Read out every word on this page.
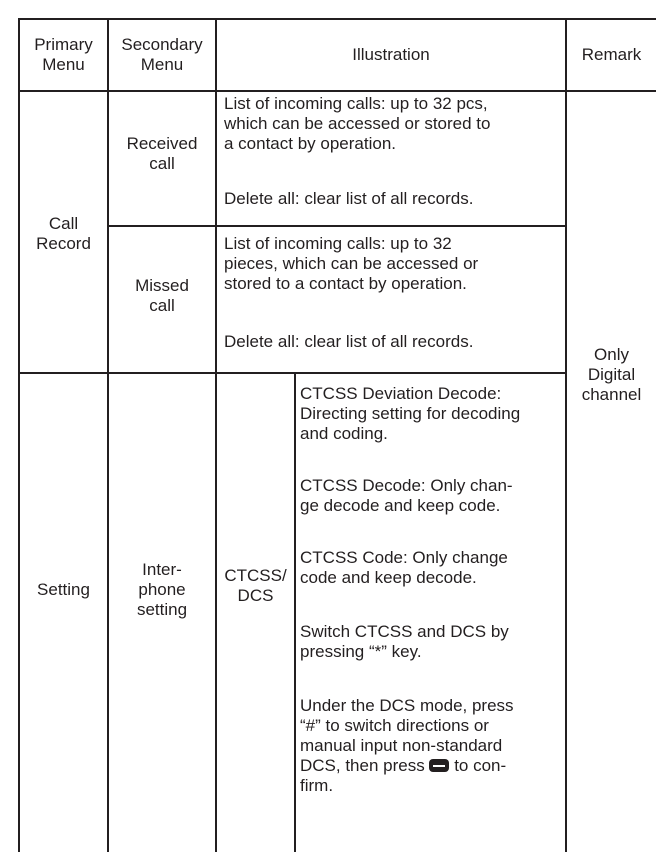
Primary
Menu
Secondary
Menu
Illustration	Remark
Call
Record
Received
call
List of incoming calls: up to 32 pcs,
which can be accessed or stored to
a contact by operation.
Delete all: clear list of all records.
Missed
call
List of incoming calls: up to 32
pieces, which can be accessed or
stored to a contact by operation.
Delete all: clear list of all records.
Only
Digital
channel
Setting
Inter-
phone
setting
CTCSS/
DCS
CTCSS Deviation Decode:
Directing setting for decoding
and coding.
CTCSS Decode: Only chan-
ge decode and keep code.
CTCSS Code: Only change
code and keep decode.
Switch CTCSS and DCS by
pressing “*” key.
Under the DCS mode, press
“#” to switch directions or
manual input non-standard
DCS, then press to con-
firm.
